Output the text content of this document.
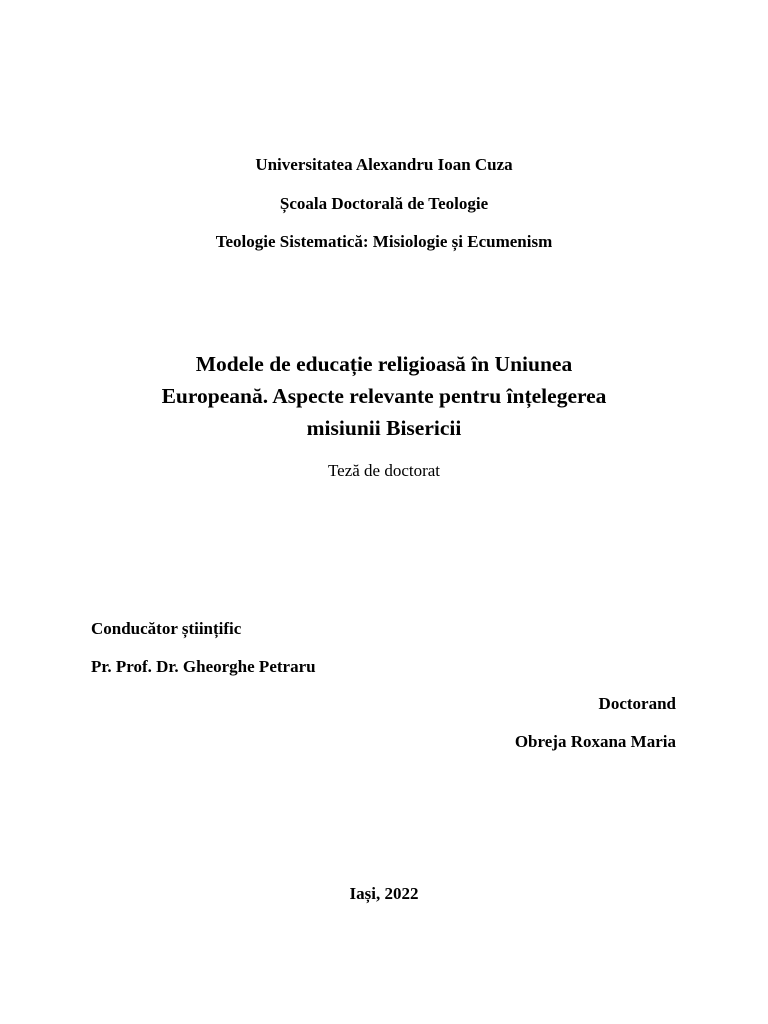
Universitatea Alexandru Ioan Cuza
Școala Doctorală de Teologie
Teologie Sistematică: Misiologie și Ecumenism
Modele de educație religioasă în Uniunea
Europeană. Aspecte relevante pentru înțelegerea
misiunii Bisericii
Teză de doctorat
Conducător științific
Pr. Prof. Dr. Gheorghe Petraru
Doctorand
Obreja Roxana Maria
Iași, 2022
